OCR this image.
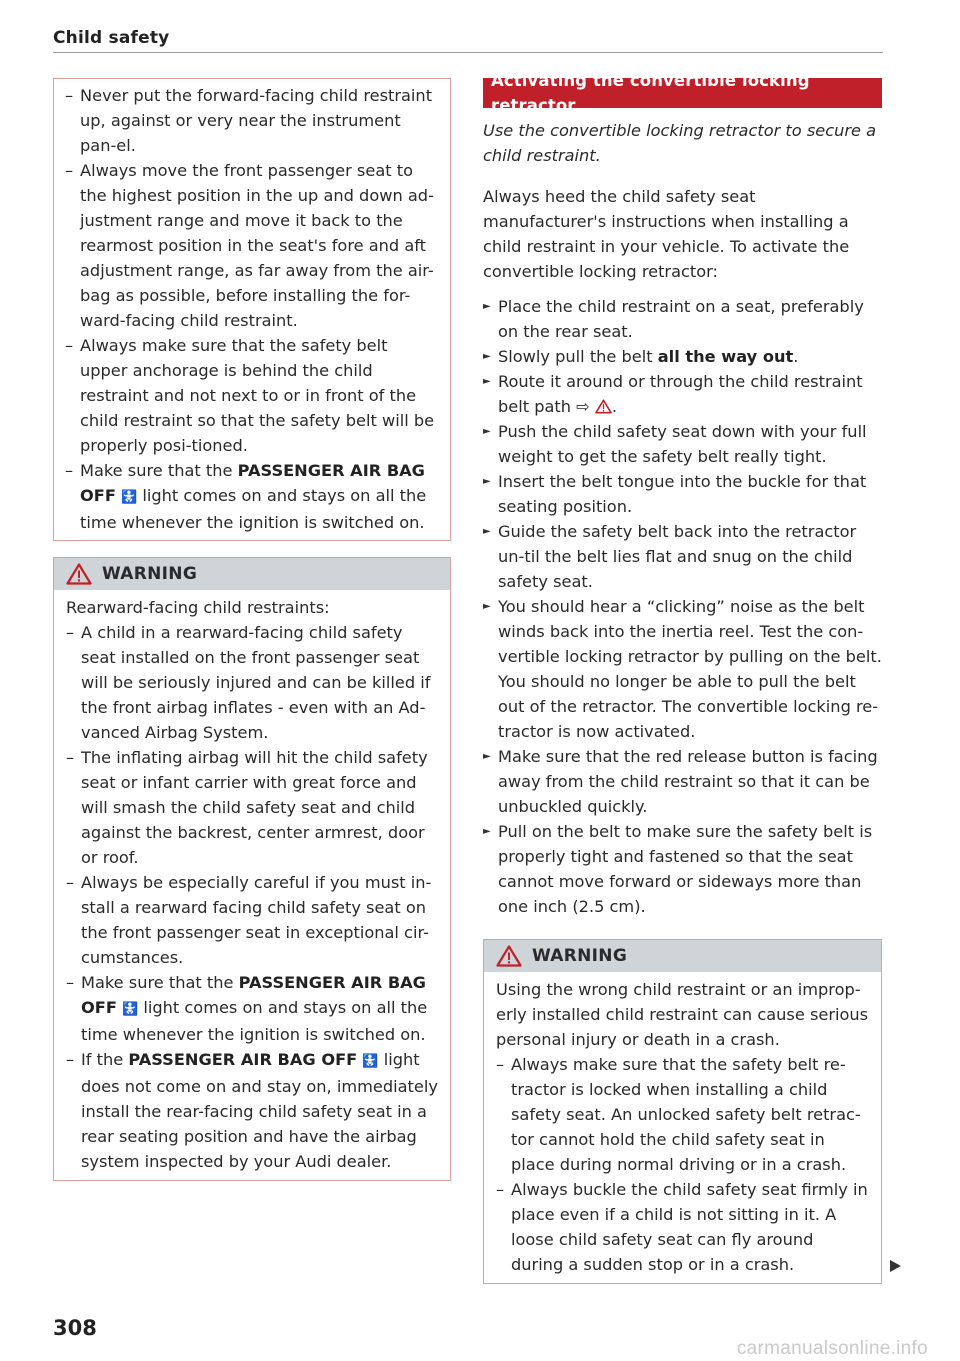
Child safety
– Never put the forward-facing child restraint up, against or very near the instrument pan-el.
– Always move the front passenger seat to the highest position in the up and down ad-justment range and move it back to the rearmost position in the seat's fore and aft adjustment range, as far away from the air-bag as possible, before installing the for-ward-facing child restraint.
– Always make sure that the safety belt upper anchorage is behind the child restraint and not next to or in front of the child restraint so that the safety belt will be properly posi-tioned.
– Make sure that the PASSENGER AIR BAG OFF 🚼 light comes on and stays on all the time whenever the ignition is switched on.
WARNING
Rearward-facing child restraints:
– A child in a rearward-facing child safety seat installed on the front passenger seat will be seriously injured and can be killed if the front airbag inflates - even with an Ad-vanced Airbag System.
– The inflating airbag will hit the child safety seat or infant carrier with great force and will smash the child safety seat and child against the backrest, center armrest, door or roof.
– Always be especially careful if you must in-stall a rearward facing child safety seat on the front passenger seat in exceptional cir-cumstances.
– Make sure that the PASSENGER AIR BAG OFF 🚼 light comes on and stays on all the time whenever the ignition is switched on.
– If the PASSENGER AIR BAG OFF 🚼 light does not come on and stay on, immediately install the rear-facing child safety seat in a rear seating position and have the airbag system inspected by your Audi dealer.
Activating the convertible locking retractor
Use the convertible locking retractor to secure a child restraint.

Always heed the child safety seat manufacturer's instructions when installing a child restraint in your vehicle. To activate the convertible locking retractor:

► Place the child restraint on a seat, preferably on the rear seat.
► Slowly pull the belt all the way out.
► Route it around or through the child restraint belt path ⇨ .
► Push the child safety seat down with your full weight to get the safety belt really tight.
► Insert the belt tongue into the buckle for that seating position.
► Guide the safety belt back into the retractor un-til the belt lies flat and snug on the child safety seat.
► You should hear a “clicking” noise as the belt winds back into the inertia reel. Test the con-vertible locking retractor by pulling on the belt. You should no longer be able to pull the belt out of the retractor. The convertible locking re-tractor is now activated.
► Make sure that the red release button is facing away from the child restraint so that it can be unbuckled quickly.
► Pull on the belt to make sure the safety belt is properly tight and fastened so that the seat cannot move forward or sideways more than one inch (2.5 cm).
WARNING
Using the wrong child restraint or an improp-erly installed child restraint can cause serious personal injury or death in a crash.
– Always make sure that the safety belt re-tractor is locked when installing a child safety seat. An unlocked safety belt retrac-tor cannot hold the child safety seat in place during normal driving or in a crash.
– Always buckle the child safety seat firmly in place even if a child is not sitting in it. A loose child safety seat can fly around during a sudden stop or in a crash.
308
carmanualsonline.info
